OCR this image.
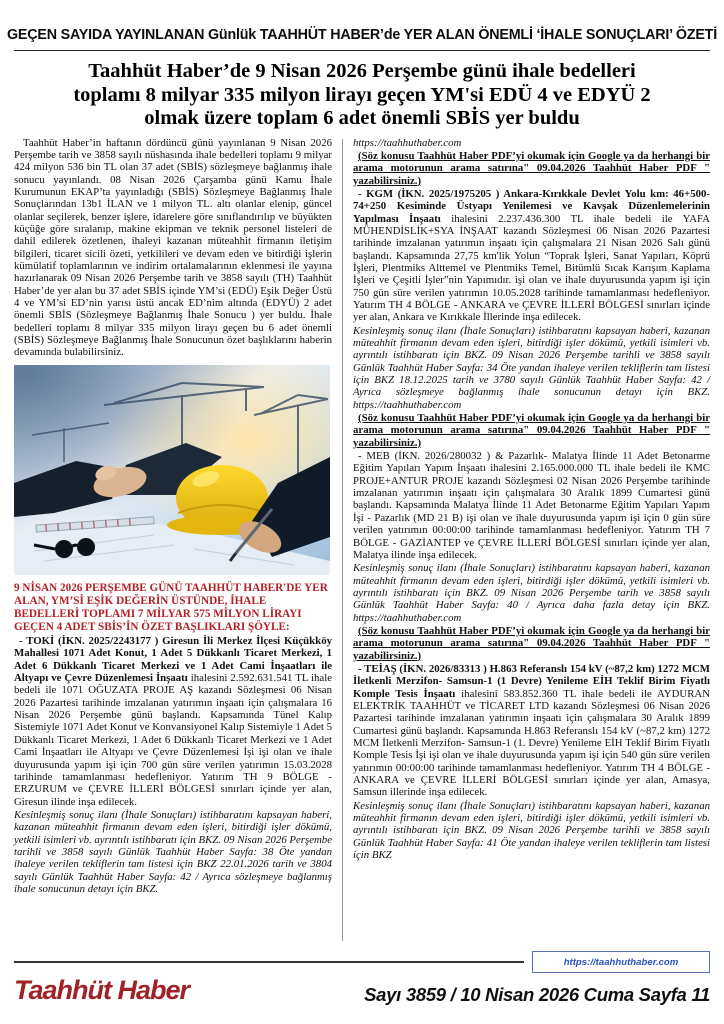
GEÇEN SAYIDA YAYINLANAN Günlük TAAHHÜT HABER’de YER ALAN ÖNEMLİ ‘İHALE SONUÇLARI’ ÖZETİ
Taahhüt Haber’de 9 Nisan 2026 Perşembe günü ihale bedelleri toplamı 8 milyar 335 milyon lirayı geçen YM'si EDÜ 4 ve EDYÜ 2 olmak üzere toplam 6 adet önemli SBİS yer buldu

Taahhüt Haber’in haftanın dördüncü günü yayınlanan 9 Nisan 2026 Perşembe tarih ve 3858 sayılı nüshasında ihale bedelleri toplamı 9 milyar 424 milyon 536 bin TL olan 37 adet (SBİS) sözleşmeye bağlanmış ihale sonucu yayınlandı. 08 Nisan 2026 Çarşamba günü Kamu İhale Kurumunun EKAP’ta yayınladığı (SBİS) Sözleşmeye Bağlanmış İhale Sonuçlarından 13b1 İLAN ve 1 milyon TL. altı olanlar elenip, güncel olanlar seçilerek, benzer işlere, idarelere göre sınıflandırılıp ve büyükten küçüğe göre sıralanıp, makine ekipman ve teknik personel listeleri de dahil edilerek özetlenen, ihaleyi kazanan müteahhit firmanın iletişim bilgileri, ticaret sicili özeti, yetkilileri ve devam eden ve bitirdiği işlerin kümülatif toplamlarının ve indirim ortalamalarının eklenmesi ile yayına hazırlanarak 09 Nisan 2026 Perşembe tarih ve 3858 sayılı (TH) Taahhüt Haber’de yer alan bu 37 adet SBİS içinde YM’si (EDÜ) Eşik Değer Üstü 4 ve YM’si ED’nin yarısı üstü ancak ED’nim altında (EDYÜ) 2 adet önemli SBİS (Sözleşmeye Bağlanmış İhale Sonucu ) yer buldu. İhale bedelleri toplamı 8 milyar 335 milyon lirayı geçen bu 6 adet önemli (SBİS) Sözleşmeye Bağlanmış İhale Sonucunun özet başlıklarını haberin devamında bulabilirsiniz.

9 NİSAN 2026 PERŞEMBE GÜNÜ TAAHHÜT HABER'DE YER ALAN, YM’Sİ EŞİK DEĞERİN ÜSTÜNDE, İHALE BEDELLERİ TOPLAMI 7 MİLYAR 575 MİLYON LİRAYI GEÇEN 4 ADET SBİS’İN ÖZET BAŞLIKLARI ŞÖYLE:

- TOKİ (İKN. 2025/2243177 ) Giresun İli Merkez İlçesi Küçükköy Mahallesi 1071 Adet Konut, 1 Adet 5 Dükkanlı Ticaret Merkezi, 1 Adet 6 Dükkanlı Ticaret Merkezi ve 1 Adet Cami İnşaatları ile Altyapı ve Çevre Düzenlemesi İnşaatı ihalesini 2.592.631.541 TL ihale bedeli ile 1071 OĞUZATA PROJE AŞ kazandı Sözleşmesi 06 Nisan 2026 Pazartesi tarihinde imzalanan yatırımın inşaatı için çalışmalara 16 Nisan 2026 Perşembe günü başlandı. Kapsamında Tünel Kalıp Sistemiyle 1071 Adet Konut ve Konvansiyonel Kalıp Sistemiyle 1 Adet 5 Dükkanlı Ticaret Merkezi, 1 Adet 6 Dükkanlı Ticaret Merkezi ve 1 Adet Cami İnşaatları ile Altyapı ve Çevre Düzenlemesi İşi işi olan ve ihale duyurusunda yapım işi için 700 gün süre verilen yatırımın 15.03.2028 tarihinde tamamlanması hedefleniyor. Yatırım TH 9 BÖLGE - ERZURUM ve ÇEVRE İLLERİ BÖLGESİ sınırları içinde yer alan, Giresun ilinde inşa edilecek.

Kesinleşmiş sonuç ilanı (İhale Sonuçları) istihbaratını kapsayan haberi, kazanan müteahhit firmanın devam eden işleri, bitirdiği işler dökümü, yetkili isimleri vb. ayrıntılı istihbaratı için BKZ. 09 Nisan 2026 Perşembe tarihli ve 3858 sayılı Günlük Taahhüt Haber Sayfa: 38 Öte yandan ihaleye verilen tekliflerin tam listesi için BKZ 22.01.2026 tarih ve 3804 sayılı Günlük Taahhüt Haber Sayfa: 42 / Ayrıca sözleşmeye bağlanmış ihale sonucunun detayı için BKZ.

https://taahhuthaber.com

(Söz konusu Taahhüt Haber PDF’yi okumak için Google ya da herhangi bir arama motorunun arama satırına" 09.04.2026 Taahhüt Haber PDF " yazabilirsiniz.)

- KGM (İKN. 2025/1975205 ) Ankara-Kırıkkale Devlet Yolu km: 46+500-74+250 Kesiminde Üstyapı Yenilemesi ve Kavşak Düzenlemelerinin Yapılması İnşaatı ihalesini 2.237.436.300 TL ihale bedeli ile YAFA MÜHENDİSLİK+SYA İNŞAAT kazandı Sözleşmesi 06 Nisan 2026 Pazartesi tarihinde imzalanan yatırımın inşaatı için çalışmalara 21 Nisan 2026 Salı günü başlandı. Kapsamında 27,75 km'lik Yolun “Toprak İşleri, Sanat Yapıları, Köprü İşleri, Plentmiks Alttemel ve Plentmiks Temel, Bitümlü Sıcak Karışım Kaplama İşleri ve Çeşitli İşler”nin Yapımıdır. işi olan ve ihale duyurusunda yapım işi için 750 gün süre verilen yatırımın 10.05.2028 tarihinde tamamlanması hedefleniyor. Yatırım TH 4 BÖLGE - ANKARA ve ÇEVRE İLLERİ BÖLGESİ sınırları içinde yer alan, Ankara ve Kırıkkale İllerinde inşa edilecek.

Kesinleşmiş sonuç ilanı (İhale Sonuçları) istihbaratını kapsayan haberi, kazanan müteahhit firmanın devam eden işleri, bitirdiği işler dökümü, yetkili isimleri vb. ayrıntılı istihbaratı için BKZ. 09 Nisan 2026 Perşembe tarihli ve 3858 sayılı Günlük Taahhüt Haber Sayfa: 34 Öte yandan ihaleye verilen tekliflerin tam listesi için BKZ 18.12.2025 tarih ve 3780 sayılı Günlük Taahhüt Haber Sayfa: 42 / Ayrıca sözleşmeye bağlanmış ihale sonucunun detayı için BKZ. https://taahhuthaber.com

(Söz konusu Taahhüt Haber PDF’yi okumak için Google ya da herhangi bir arama motorunun arama satırına" 09.04.2026 Taahhüt Haber PDF " yazabilirsiniz.)

- MEB (İKN. 2026/280032 ) & Pazarlık- Malatya İlinde 11 Adet Betonarme Eğitim Yapıları Yapım İnşaatı ihalesini 2.165.000.000 TL ihale bedeli ile KMC PROJE+ANTUR PROJE kazandı Sözleşmesi 02 Nisan 2026 Perşembe tarihinde imzalanan yatırımın inşaatı için çalışmalara 30 Aralık 1899 Cumartesi günü başlandı. Kapsamında Malatya İlinde 11 Adet Betonarme Eğitim Yapıları Yapım İşi - Pazarlık (MD 21 B) işi olan ve ihale duyurusunda yapım işi için 0 gün süre verilen yatırımın 00:00:00 tarihinde tamamlanması hedefleniyor. Yatırım TH 7 BÖLGE - GAZİANTEP ve ÇEVRE İLLERİ BÖLGESİ sınırları içinde yer alan, Malatya ilinde inşa edilecek.

Kesinleşmiş sonuç ilanı (İhale Sonuçları) istihbaratını kapsayan haberi, kazanan müteahhit firmanın devam eden işleri, bitirdiği işler dökümü, yetkili isimleri vb. ayrıntılı istihbaratı için BKZ. 09 Nisan 2026 Perşembe tarih ve 3858 sayılı Günlük Taahhüt Haber Sayfa: 40 / Ayrıca daha fazla detay için BKZ. https://taahhuthaber.com

(Söz konusu Taahhüt Haber PDF’yi okumak için Google ya da herhangi bir arama motorunun arama satırına" 09.04.2026 Taahhüt Haber PDF " yazabilirsiniz.)

- TEİAŞ (İKN. 2026/83313 ) H.863 Referanslı 154 kV (~87,2 km) 1272 MCM İletkenli Merzifon- Samsun-1 (1 Devre) Yenileme EİH Teklif Birim Fiyatlı Komple Tesis İnşaatı ihalesini 583.852.360 TL ihale bedeli ile AYDURAN ELEKTRİK TAAHHÜT ve TİCARET LTD kazandı Sözleşmesi 06 Nisan 2026 Pazartesi tarihinde imzalanan yatırımın inşaatı için çalışmalara 30 Aralık 1899 Cumartesi günü başlandı. Kapsamında H.863 Referanslı 154 kV (~87,2 km) 1272 MCM İletkenli Merzifon- Samsun-1 (1. Devre) Yenileme EİH Teklif Birim Fiyatlı Komple Tesis İşi işi olan ve ihale duyurusunda yapım işi için 540 gün süre verilen yatırımın 00:00:00 tarihinde tamamlanması hedefleniyor. Yatırım TH 4 BÖLGE - ANKARA ve ÇEVRE İLLERİ BÖLGESİ sınırları içinde yer alan, Amasya, Samsun illerinde inşa edilecek.

Kesinleşmiş sonuç ilanı (İhale Sonuçları) istihbaratını kapsayan haberi, kazanan müteahhit firmanın devam eden işleri, bitirdiği işler dökümü, yetkili isimleri vb. ayrıntılı istihbaratı için BKZ. 09 Nisan 2026 Perşembe tarihli ve 3858 sayılı Günlük Taahhüt Haber Sayfa: 41 Öte yandan ihaleye verilen tekliflerin tam listesi için BKZ

https://taahhuthaber.com
Taahhüt Haber	Sayı 3859 / 10 Nisan 2026 Cuma Sayfa 11
